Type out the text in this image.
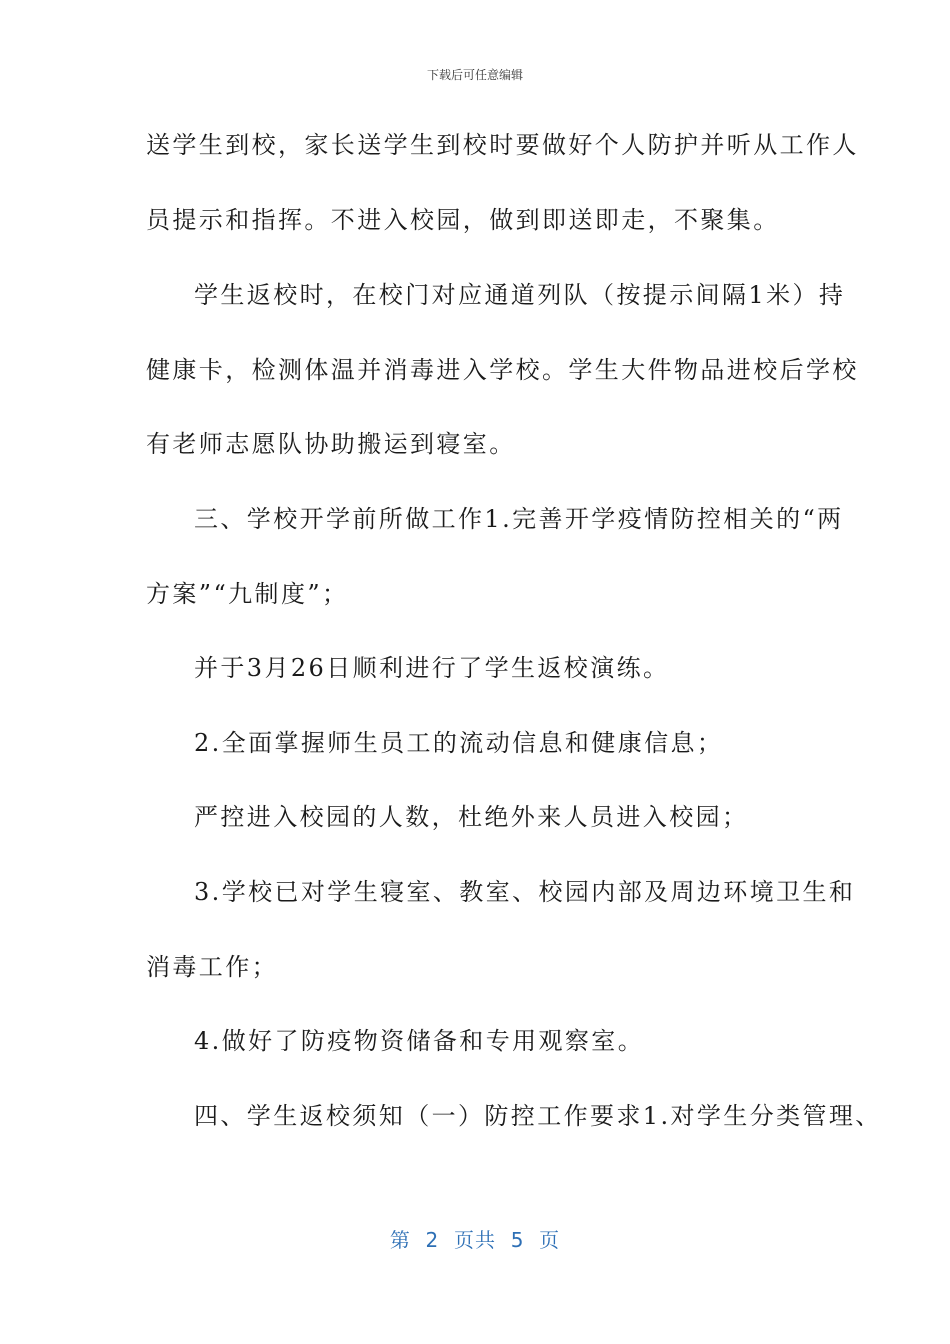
下载后可任意编辑
送学生到校，家长送学生到校时要做好个人防护并听从工作人
员提示和指挥。不进入校园，做到即送即走，不聚集。
学生返校时，在校门对应通道列队（按提示间隔1米）持
健康卡，检测体温并消毒进入学校。学生大件物品进校后学校
有老师志愿队协助搬运到寝室。
三、学校开学前所做工作1.完善开学疫情防控相关的“两
方案”“九制度”；
并于3月26日顺利进行了学生返校演练。
2.全面掌握师生员工的流动信息和健康信息；
严控进入校园的人数，杜绝外来人员进入校园；
3.学校已对学生寝室、教室、校园内部及周边环境卫生和
消毒工作；
4.做好了防疫物资储备和专用观察室。
四、学生返校须知（一）防控工作要求1.对学生分类管理、
第  2  页共  5  页
